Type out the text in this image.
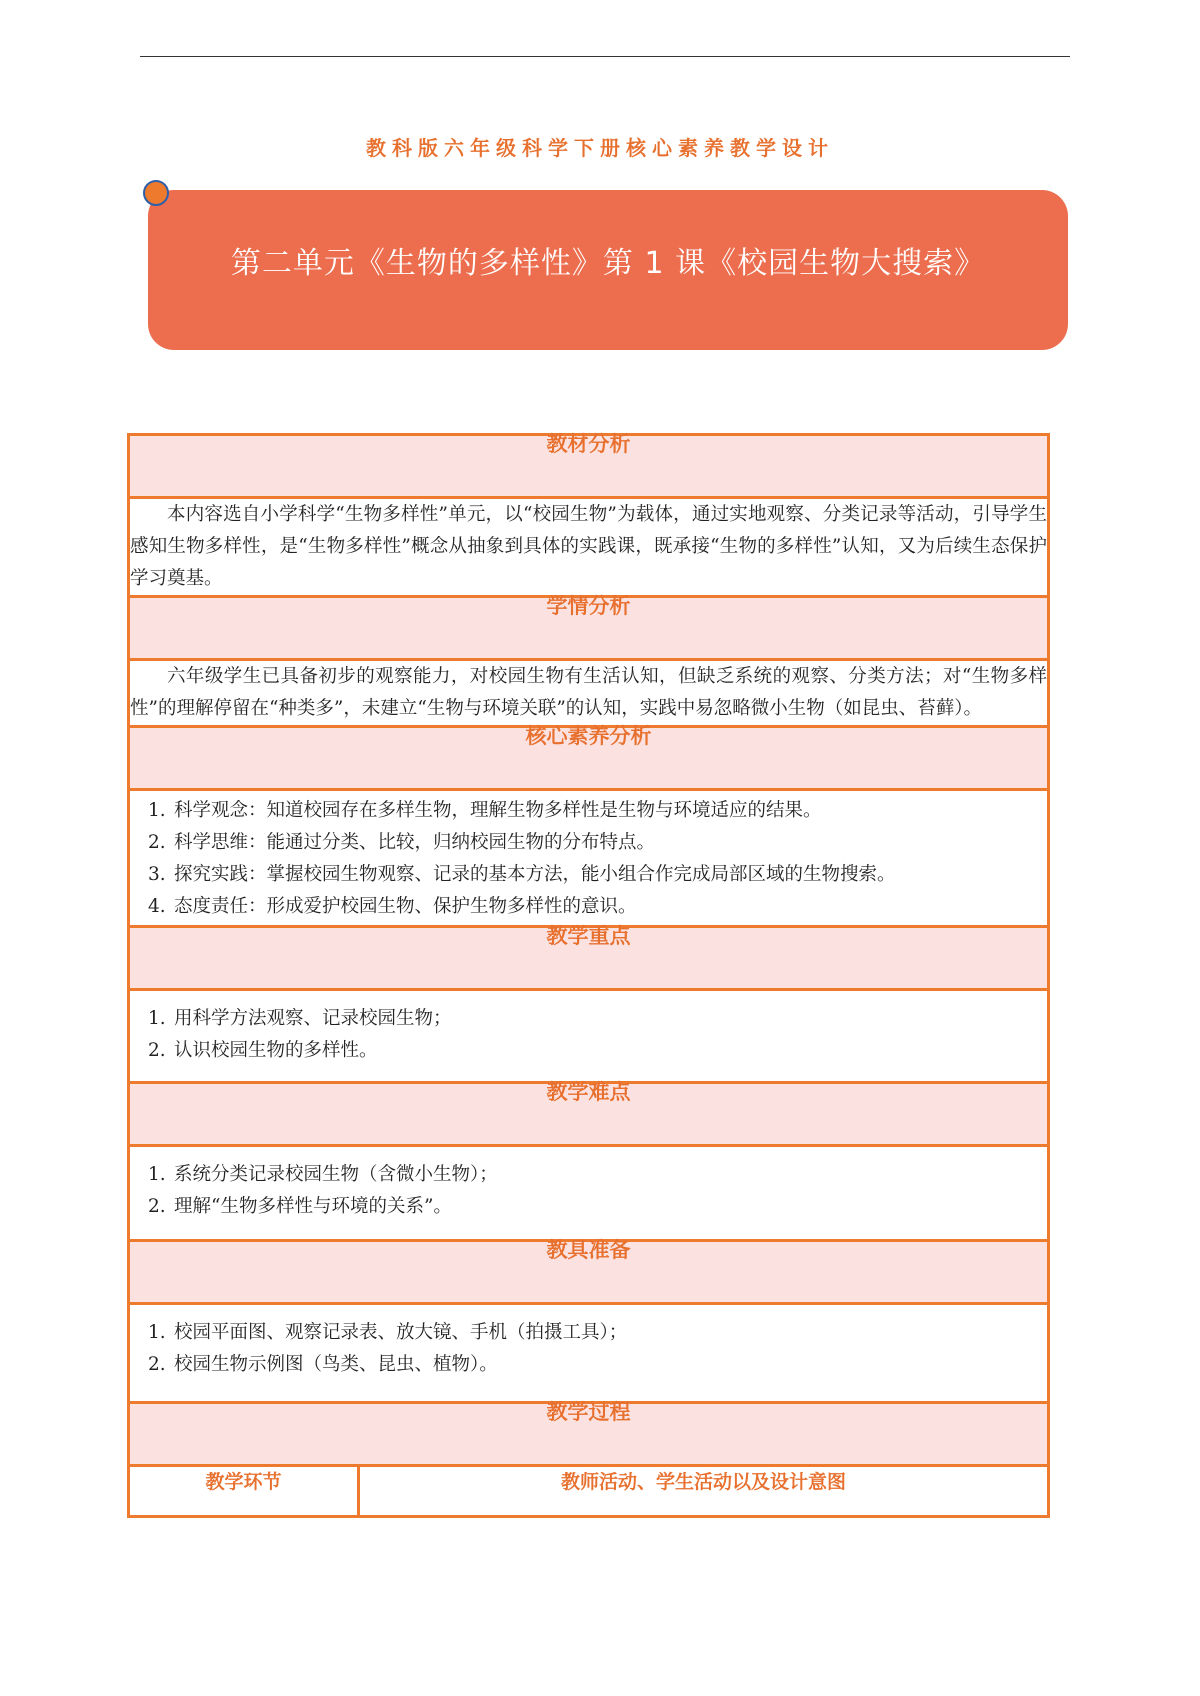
教科版六年级科学下册核心素养教学设计
第二单元《生物的多样性》第 1 课《校园生物大搜索》
教材分析

本内容选自小学科学“生物多样性”单元，以“校园生物”为载体，通过实地观察、分类记录等活动，引导学生感知生物多样性，是“生物多样性”概念从抽象到具体的实践课，既承接“生物的多样性”认知，又为后续生态保护学习奠基。

学情分析

六年级学生已具备初步的观察能力，对校园生物有生活认知，但缺乏系统的观察、分类方法；对“生物多样性”的理解停留在“种类多”，未建立“生物与环境关联”的认知，实践中易忽略微小生物（如昆虫、苔藓）。

核心素养分析

1. 科学观念：知道校园存在多样生物，理解生物多样性是生物与环境适应的结果。
2. 科学思维：能通过分类、比较，归纳校园生物的分布特点。
3. 探究实践：掌握校园生物观察、记录的基本方法，能小组合作完成局部区域的生物搜索。
4. 态度责任：形成爱护校园生物、保护生物多样性的意识。

教学重点

1. 用科学方法观察、记录校园生物；
2. 认识校园生物的多样性。

教学难点

1. 系统分类记录校园生物（含微小生物）；
2. 理解“生物多样性与环境的关系”。

教具准备

1. 校园平面图、观察记录表、放大镜、手机（拍摄工具）；
2. 校园生物示例图（鸟类、昆虫、植物）。

教学过程
教学环节	教师活动、学生活动以及设计意图
